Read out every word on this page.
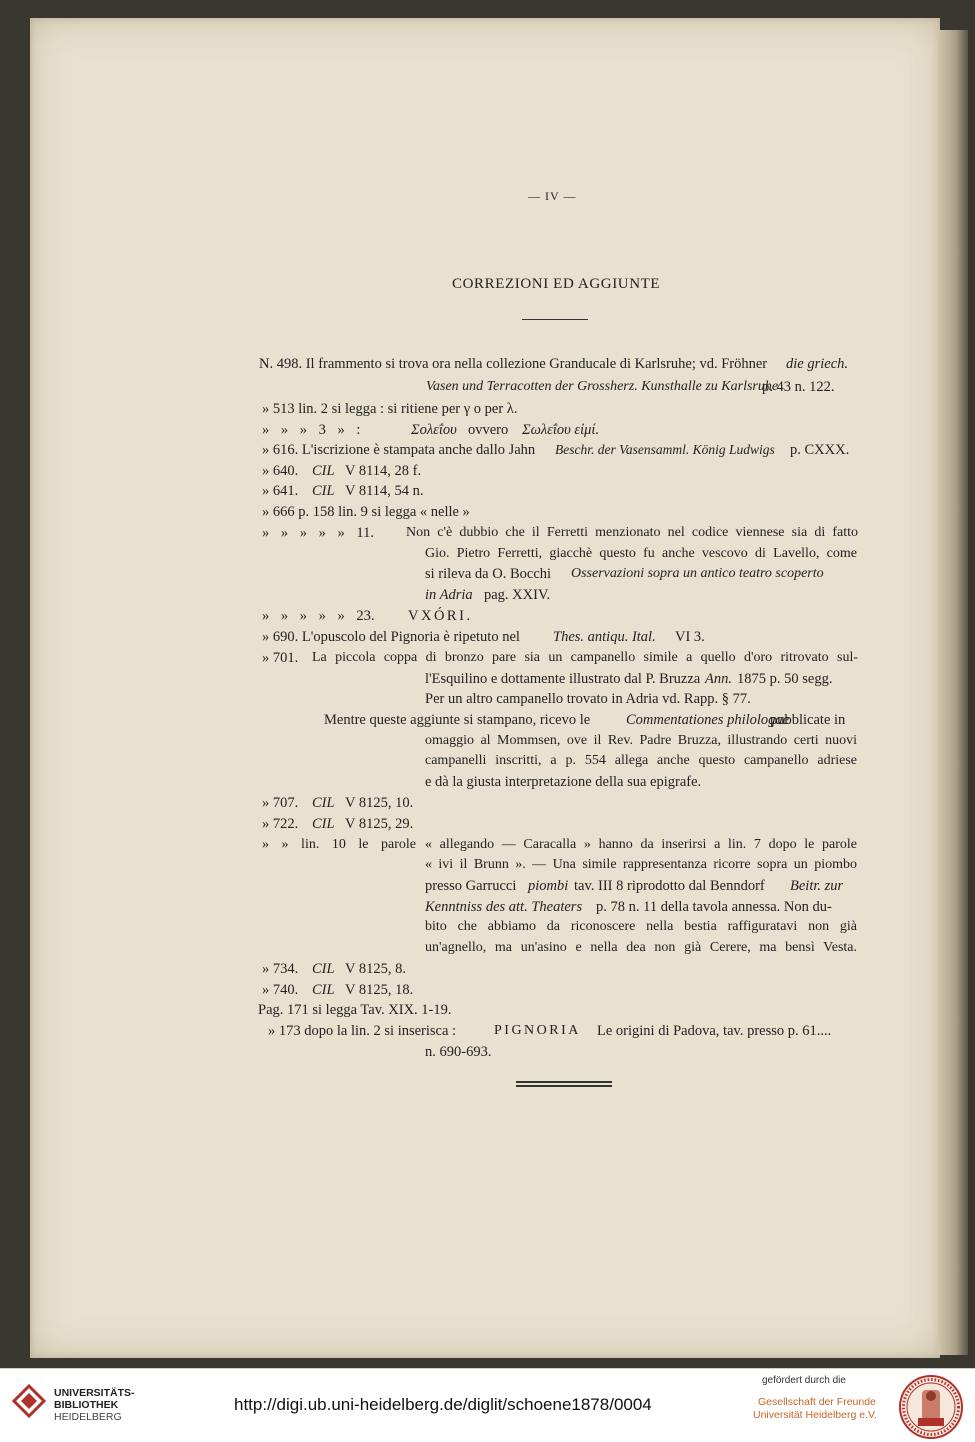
— IV —
CORREZIONI ED AGGIUNTE
N. 498. Il frammento si trova ora nella collezione Granducale di Karlsruhe; vd. Fröhner die griech.
Vasen und Terracotten der Grossherz. Kunsthalle zu Karlsruhe
p. 43 n. 122.
» 513 lin. 2 si legga : si ritiene per γ o per λ.
» » » 3 » :	Σολεΐου ovvero Σωλεΐου εἰμί.
» 616. L'iscrizione è stampata anche dallo Jahn Beschr. der Vasensamml. König Ludwigs p. CXXX.
» 640. CIL V 8114, 28 f.
» 641. CIL V 8114, 54 n.
» 666 p. 158 lin. 9 si legga « nelle »
» » » » » 11. Non c'è dubbio che il Ferretti menzionato nel codice viennese sia di fatto
Gio. Pietro Ferretti, giacchè questo fu anche vescovo di Lavello, come
si rileva da O. Bocchi Osservazioni sopra un antico teatro scoperto
in Adria pag. XXIV.
» » » » » 23. VXÓRI.
» 690. L'opuscolo del Pignoria è ripetuto nel Thes. antiqu. Ital. VI 3.
» 701. La piccola coppa di bronzo pare sia un campanello simile a quello d'oro ritrovato sul-
l'Esquilino e dottamente illustrato dal P. Bruzza Ann. 1875 p. 50 segg.
Per un altro campanello trovato in Adria vd. Rapp. § 77.
Mentre queste aggiunte si stampano, ricevo le Commentationes philologae
pubblicate in
omaggio al Mommsen, ove il Rev. Padre Bruzza, illustrando certi nuovi
campanelli inscritti, a p. 554 allega anche questo campanello adriese
e dà la giusta interpretazione della sua epigrafe.
» 707. CIL V 8125, 10.
» 722. CIL V 8125, 29.
» » lin. 10 le parole « allegando — Caracalla » hanno da inserirsi a lin. 7 dopo le parole
« ivi il Brunn ». — Una simile rappresentanza ricorre sopra un piombo
presso Garrucci piombi tav. III 8 riprodotto dal Benndorf Beitr. zur
Kenntniss des att. Theaters p. 78 n. 11 della tavola annessa. Non du-
bito che abbiamo da riconoscere nella bestia raffiguratavi non già
un'agnello, ma un'asino e nella dea non già Cerere, ma bensì Vesta.
» 734. CIL V 8125, 8.
» 740. CIL V 8125, 18.
Pag. 171 si legga Tav. XIX. 1-19.
» 173 dopo la lin. 2 si inserisca :	PIGNORIA Le origini di Padova, tav. presso p. 61....
n. 690-693.
UNIVERSITÄTS-
BIBLIOTHEK
HEIDELBERG
http://digi.ub.uni-heidelberg.de/diglit/schoene1878/0004
gefördert durch die
Gesellschaft der Freunde
Universität Heidelberg e.V.
